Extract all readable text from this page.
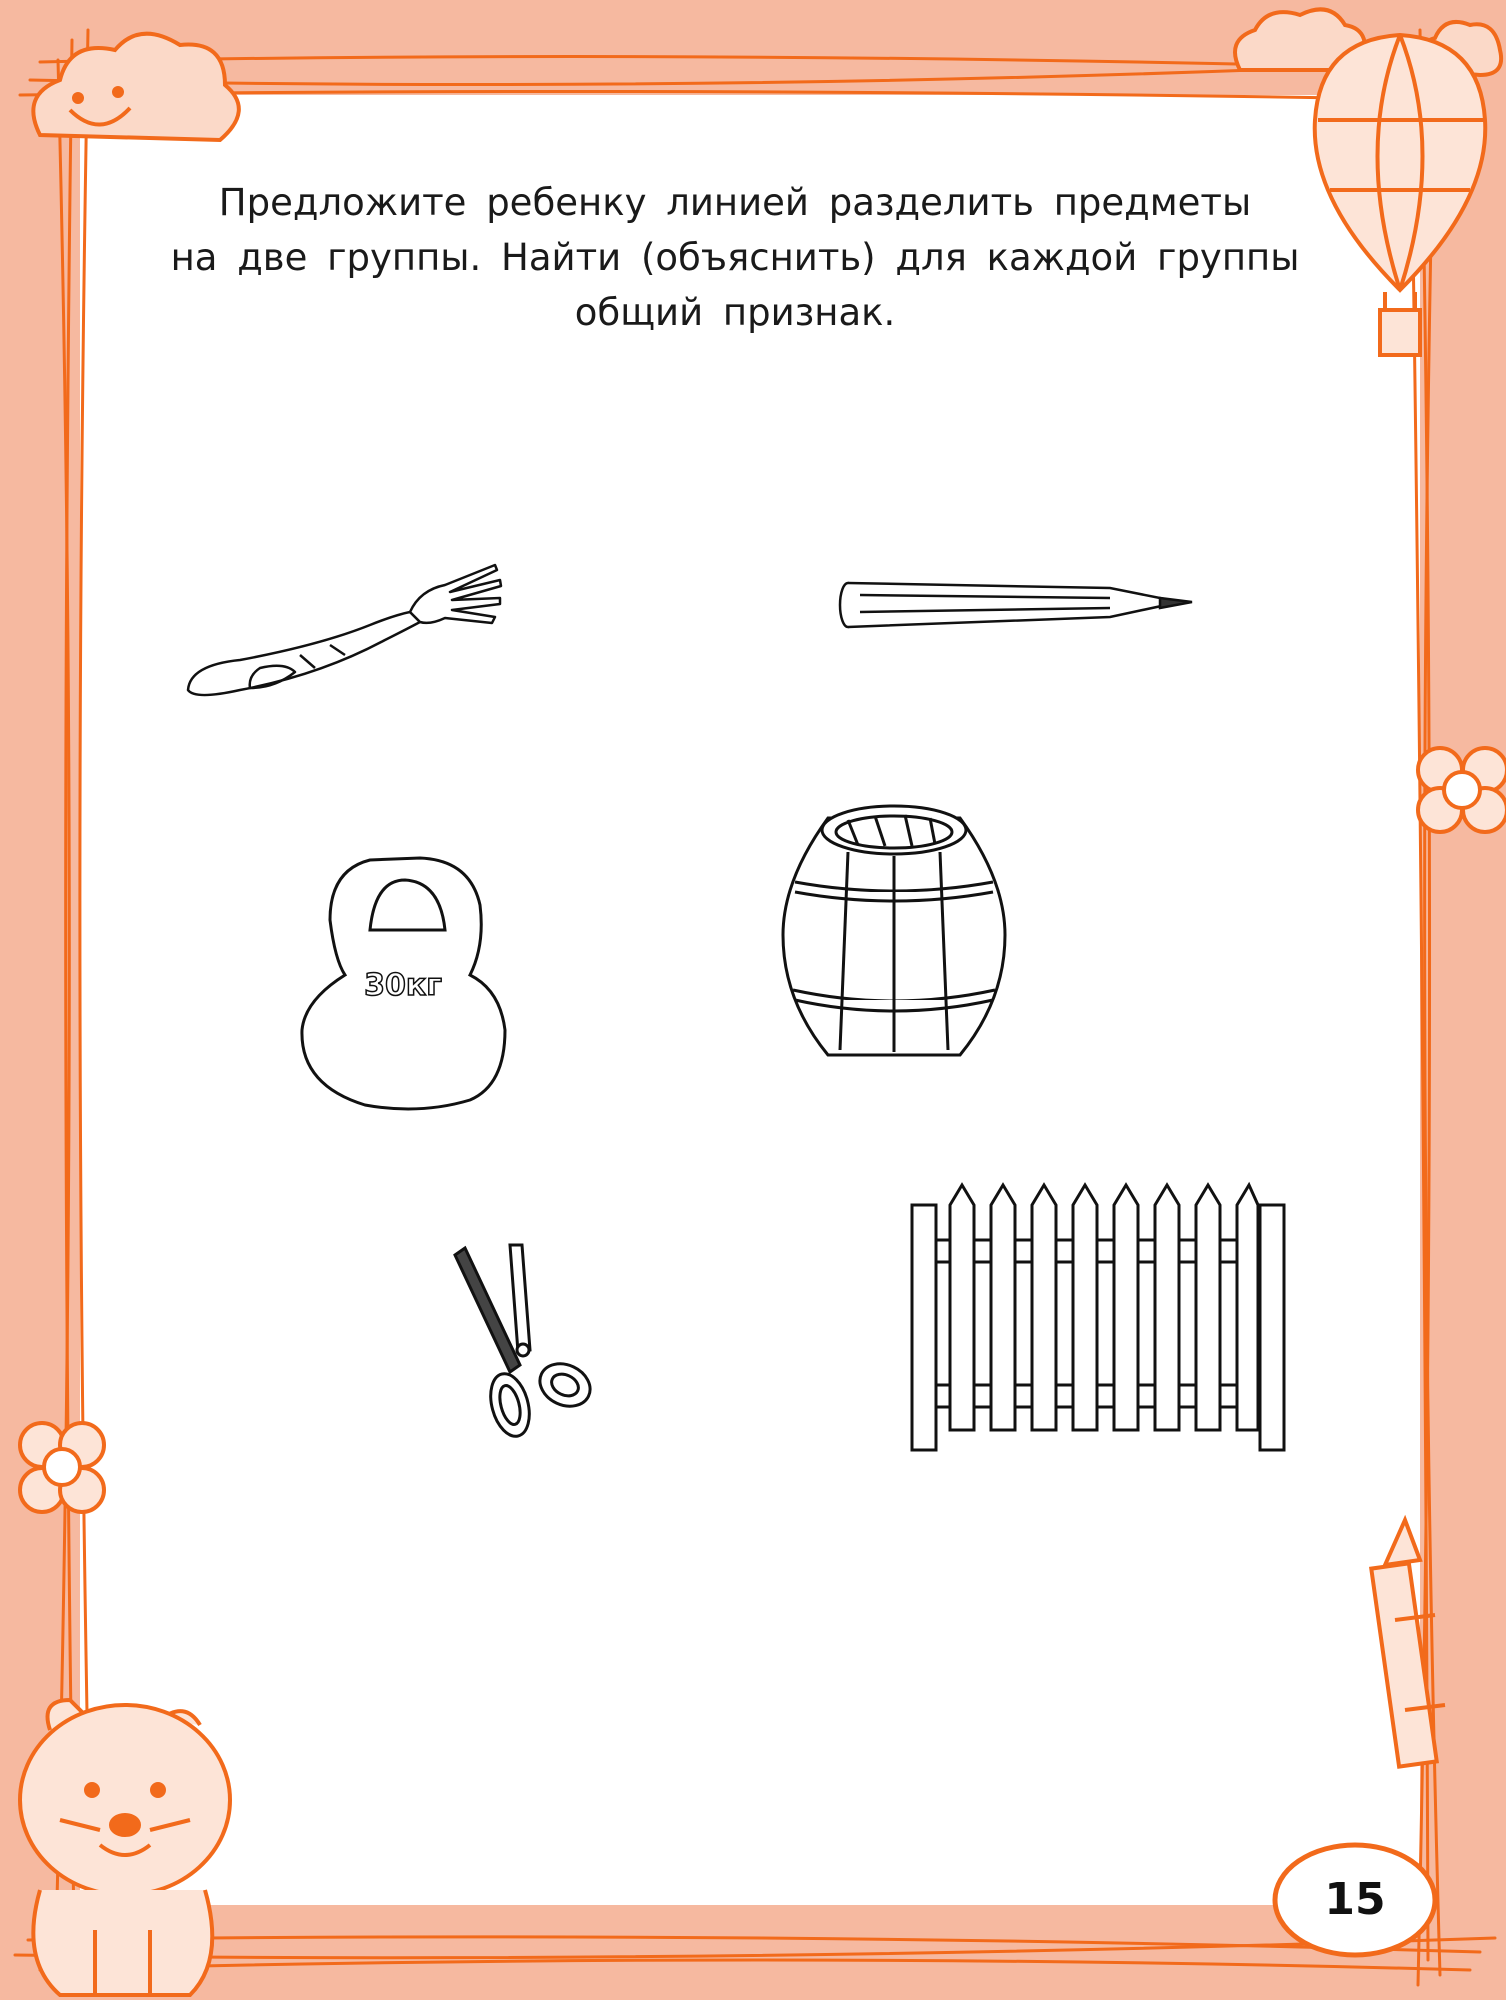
30кг
Предложите ребенку линией разделить предметы
на две группы. Найти (объяснить) для каждой группы
общий признак.
15
